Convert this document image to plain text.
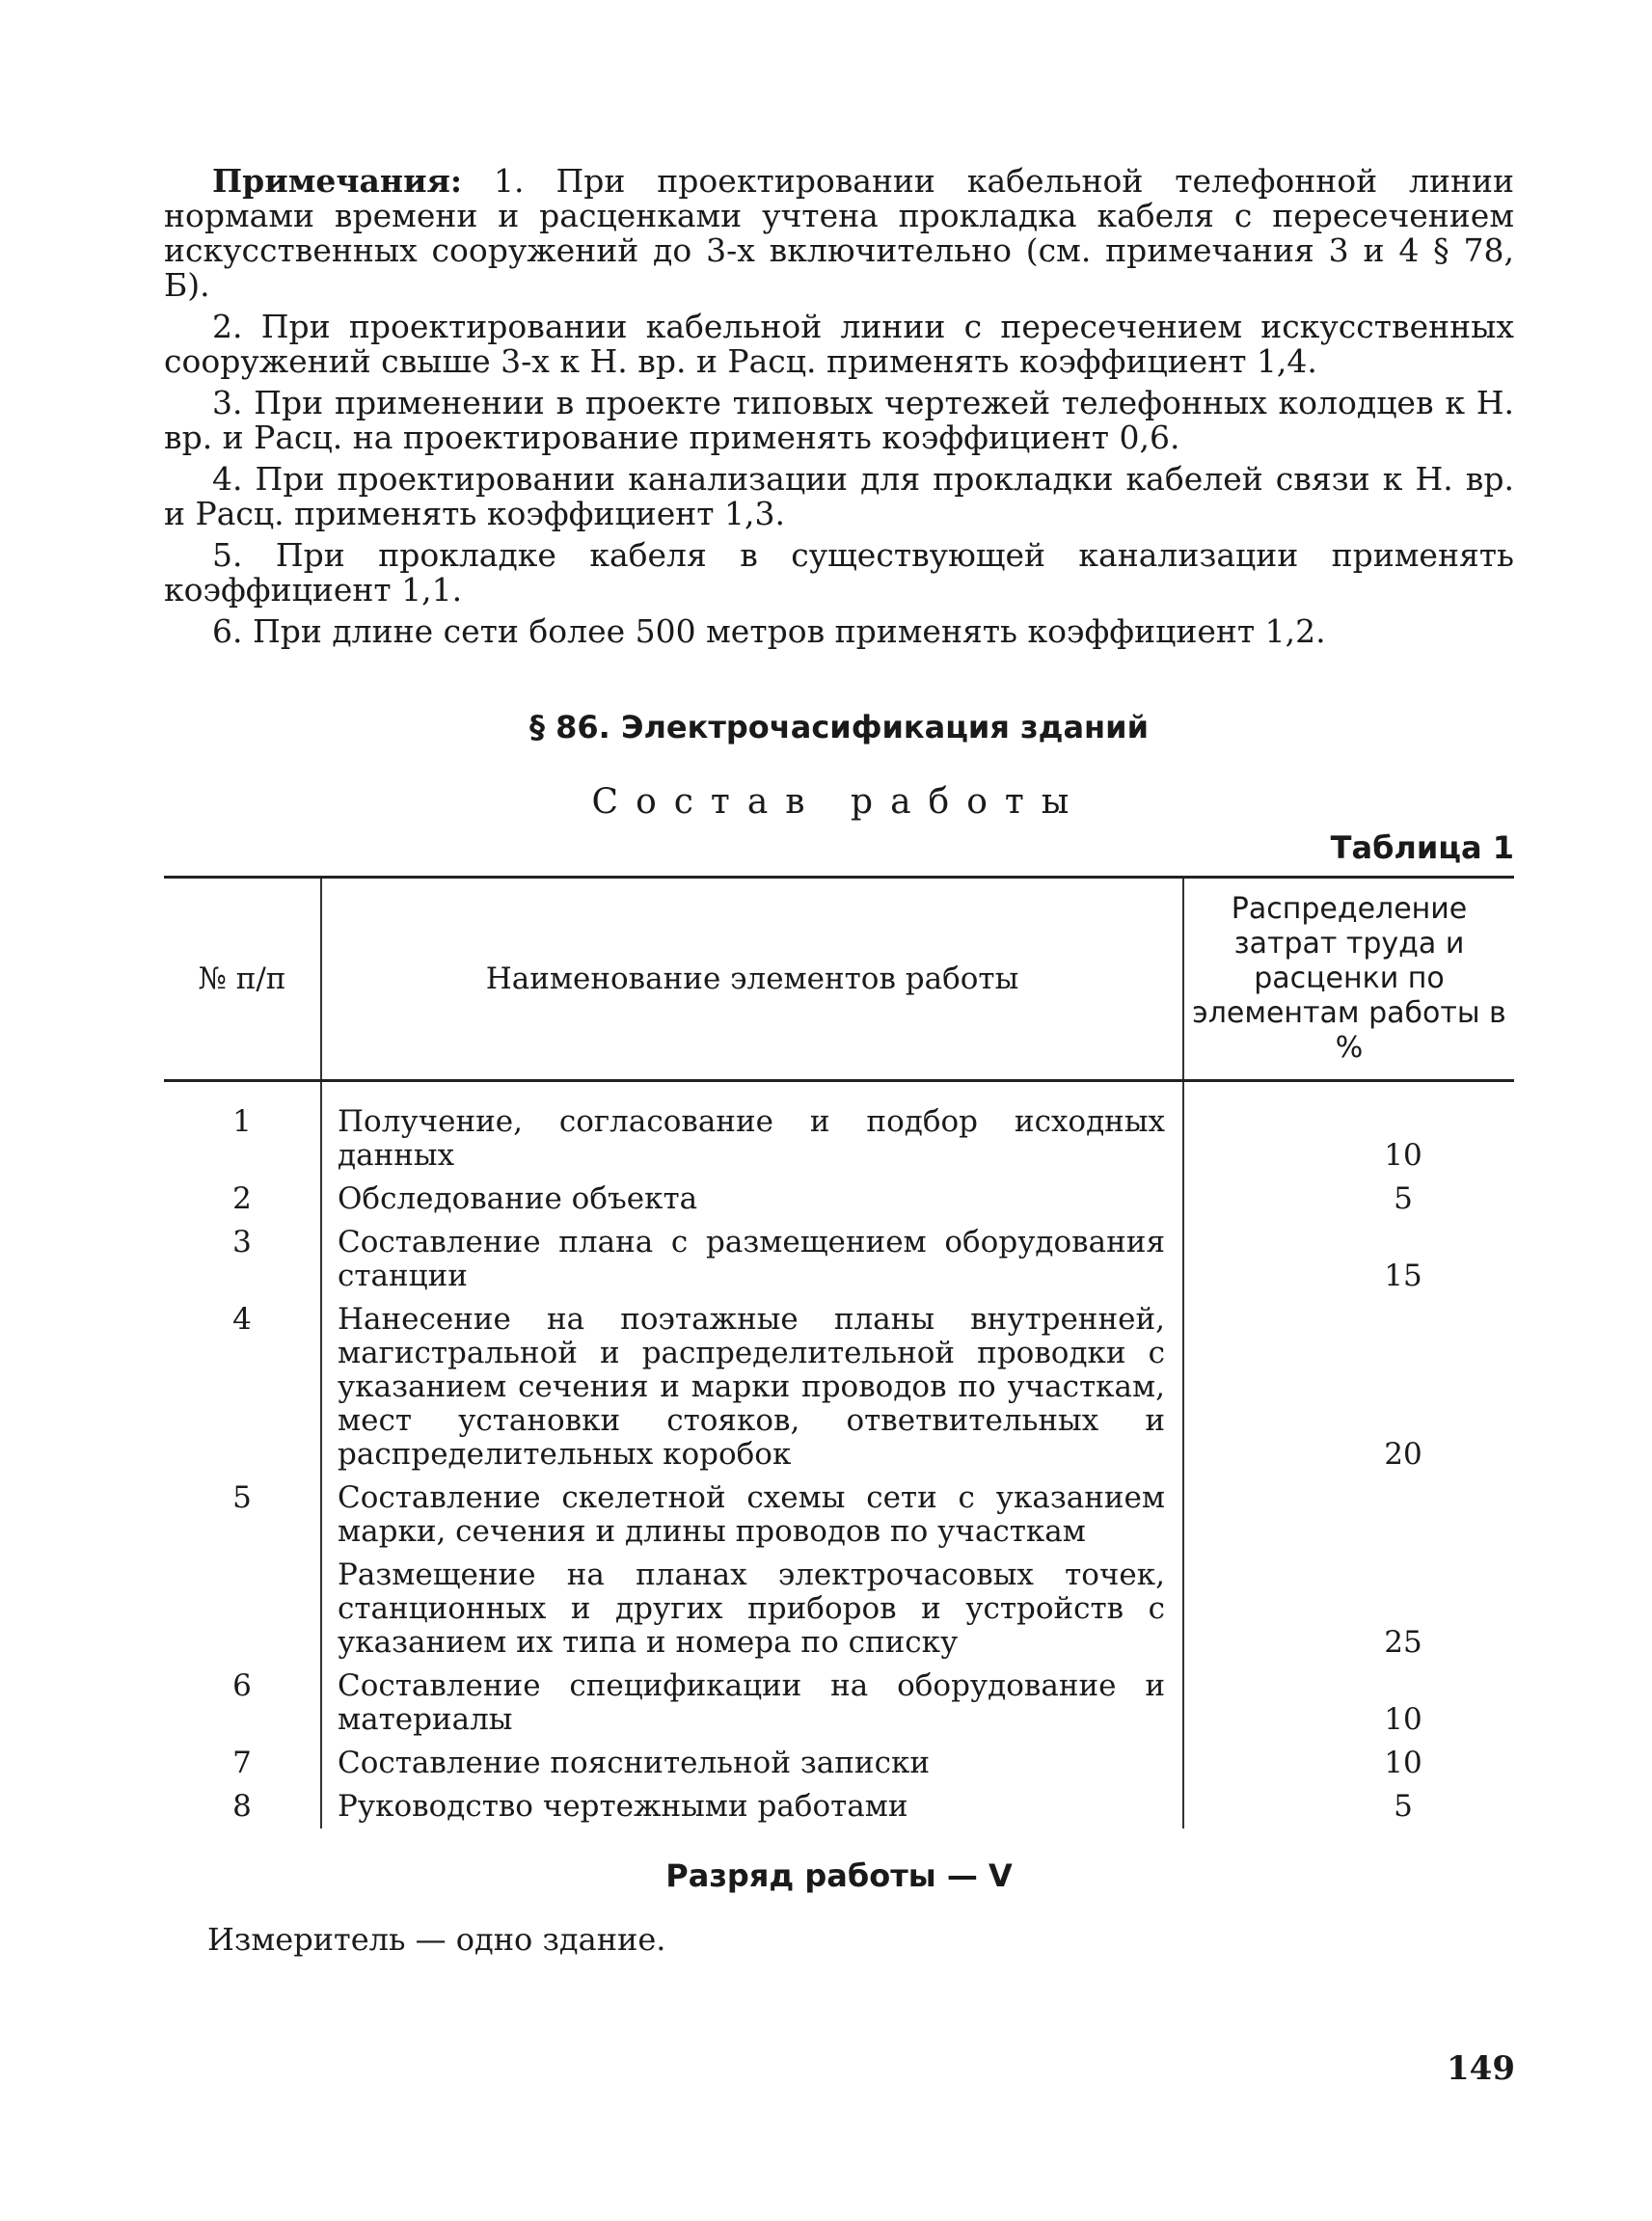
Примечания: 1. При проектировании кабельной телефонной линии нормами времени и расценками учтена прокладка кабеля с пересечением искусственных сооружений до 3-х включительно (см. примечания 3 и 4 § 78, Б).

2. При проектировании кабельной линии с пересечением искусственных сооружений свыше 3-х к Н. вр. и Расц. применять коэффициент 1,4.

3. При применении в проекте типовых чертежей телефонных колодцев к Н. вр. и Расц. на проектирование применять коэффициент 0,6.

4. При проектировании канализации для прокладки кабелей связи к Н. вр. и Расц. применять коэффициент 1,3.

5. При прокладке кабеля в существующей канализации применять коэффициент 1,1.

6. При длине сети более 500 метров применять коэффициент 1,2.

§ 86. Электрочасификация зданий
Состав работы
Таблица 1
№ п/п	Наименование элементов работы	Распределение затрат труда и расценки по элементам работы в %
1	Получение, согласование и подбор исходных данных	10
2	Обследование объекта	5
3	Составление плана с размещением оборудования станции	15
4	Нанесение на поэтажные планы внутренней, магистральной и распределительной проводки с указанием сечения и марки проводов по участкам, мест установки стояков, ответвительных и распределительных коробок	20
5	Составление скелетной схемы сети с указанием марки, сечения и длины проводов по участкам	
	Размещение на планах электрочасовых точек, станционных и других приборов и устройств с указанием их типа и номера по списку	25
6	Составление спецификации на оборудование и материалы	10
7	Составление пояснительной записки	10
8	Руководство чертежными работами	5
Разряд работы — V
Измеритель — одно здание.
149
